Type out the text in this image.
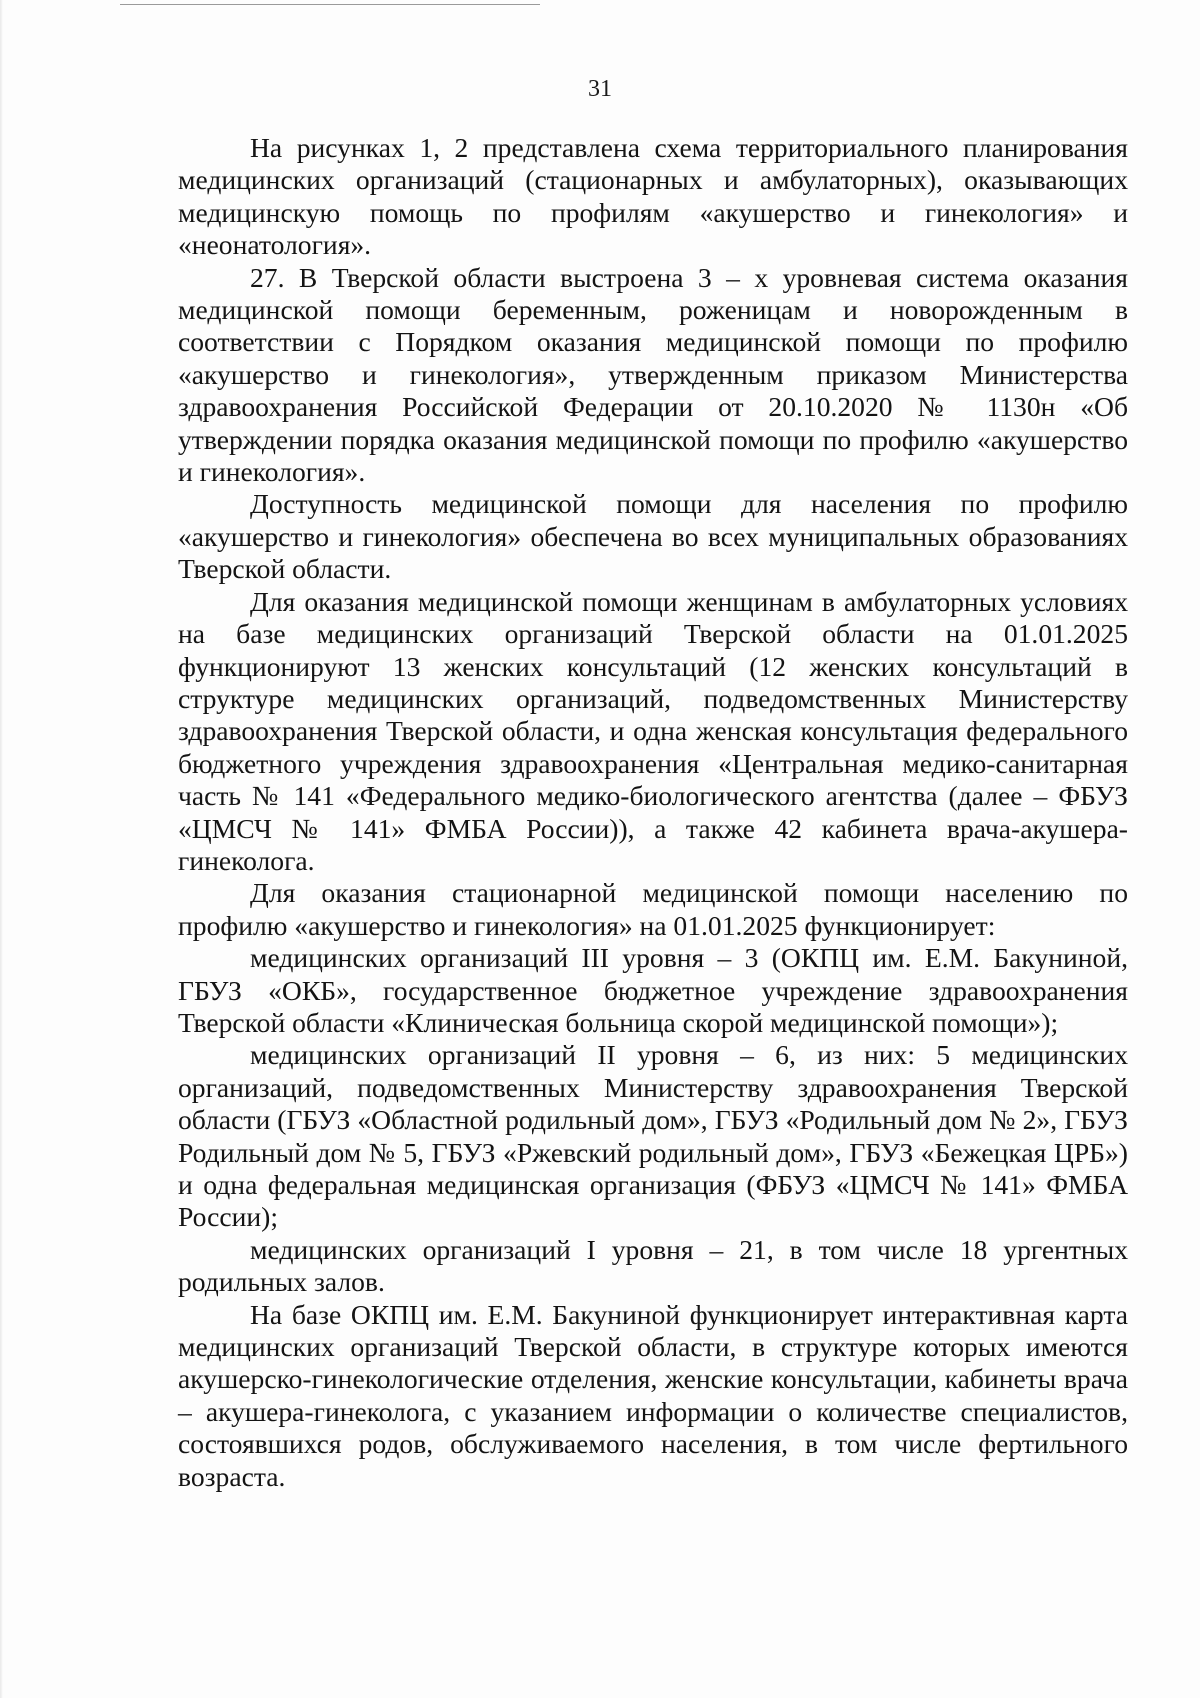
31

На рисунках 1, 2 представлена схема территориального планирования медицинских организаций (стационарных и амбулаторных), оказывающих медицинскую помощь по профилям «акушерство и гинекология» и «неонатология».

27. В Тверской области выстроена 3 – х уровневая система оказания медицинской помощи беременным, роженицам и новорожденным в соответствии с Порядком оказания медицинской помощи по профилю «акушерство и гинекология», утвержденным приказом Министерства здравоохранения Российской Федерации от 20.10.2020 № 1130н «Об утверждении порядка оказания медицинской помощи по профилю «акушерство и гинекология».

Доступность медицинской помощи для населения по профилю «акушерство и гинекология» обеспечена во всех муниципальных образованиях Тверской области.

Для оказания медицинской помощи женщинам в амбулаторных условиях на базе медицинских организаций Тверской области на 01.01.2025 функционируют 13 женских консультаций (12 женских консультаций в структуре медицинских организаций, подведомственных Министерству здравоохранения Тверской области, и одна женская консультация федерального бюджетного учреждения здравоохранения «Центральная медико-санитарная часть № 141 «Федерального медико-биологического агентства (далее – ФБУЗ «ЦМСЧ № 141» ФМБА России)), а также 42 кабинета врача-акушера-гинеколога.

Для оказания стационарной медицинской помощи населению по профилю «акушерство и гинекология» на 01.01.2025 функционирует:

медицинских организаций III уровня – 3 (ОКПЦ им. Е.М. Бакуниной, ГБУЗ «ОКБ», государственное бюджетное учреждение здравоохранения Тверской области «Клиническая больница скорой медицинской помощи»);

медицинских организаций II уровня – 6, из них: 5 медицинских организаций, подведомственных Министерству здравоохранения Тверской области (ГБУЗ «Областной родильный дом», ГБУЗ «Родильный дом № 2», ГБУЗ Родильный дом № 5, ГБУЗ «Ржевский родильный дом», ГБУЗ «Бежецкая ЦРБ») и одна федеральная медицинская организация (ФБУЗ «ЦМСЧ № 141» ФМБА России);

медицинских организаций I уровня – 21, в том числе 18 ургентных родильных залов.

На базе ОКПЦ им. Е.М. Бакуниной функционирует интерактивная карта медицинских организаций Тверской области, в структуре которых имеются акушерско-гинекологические отделения, женские консультации, кабинеты врача – акушера-гинеколога, с указанием информации о количестве специалистов, состоявшихся родов, обслуживаемого населения, в том числе фертильного возраста.
